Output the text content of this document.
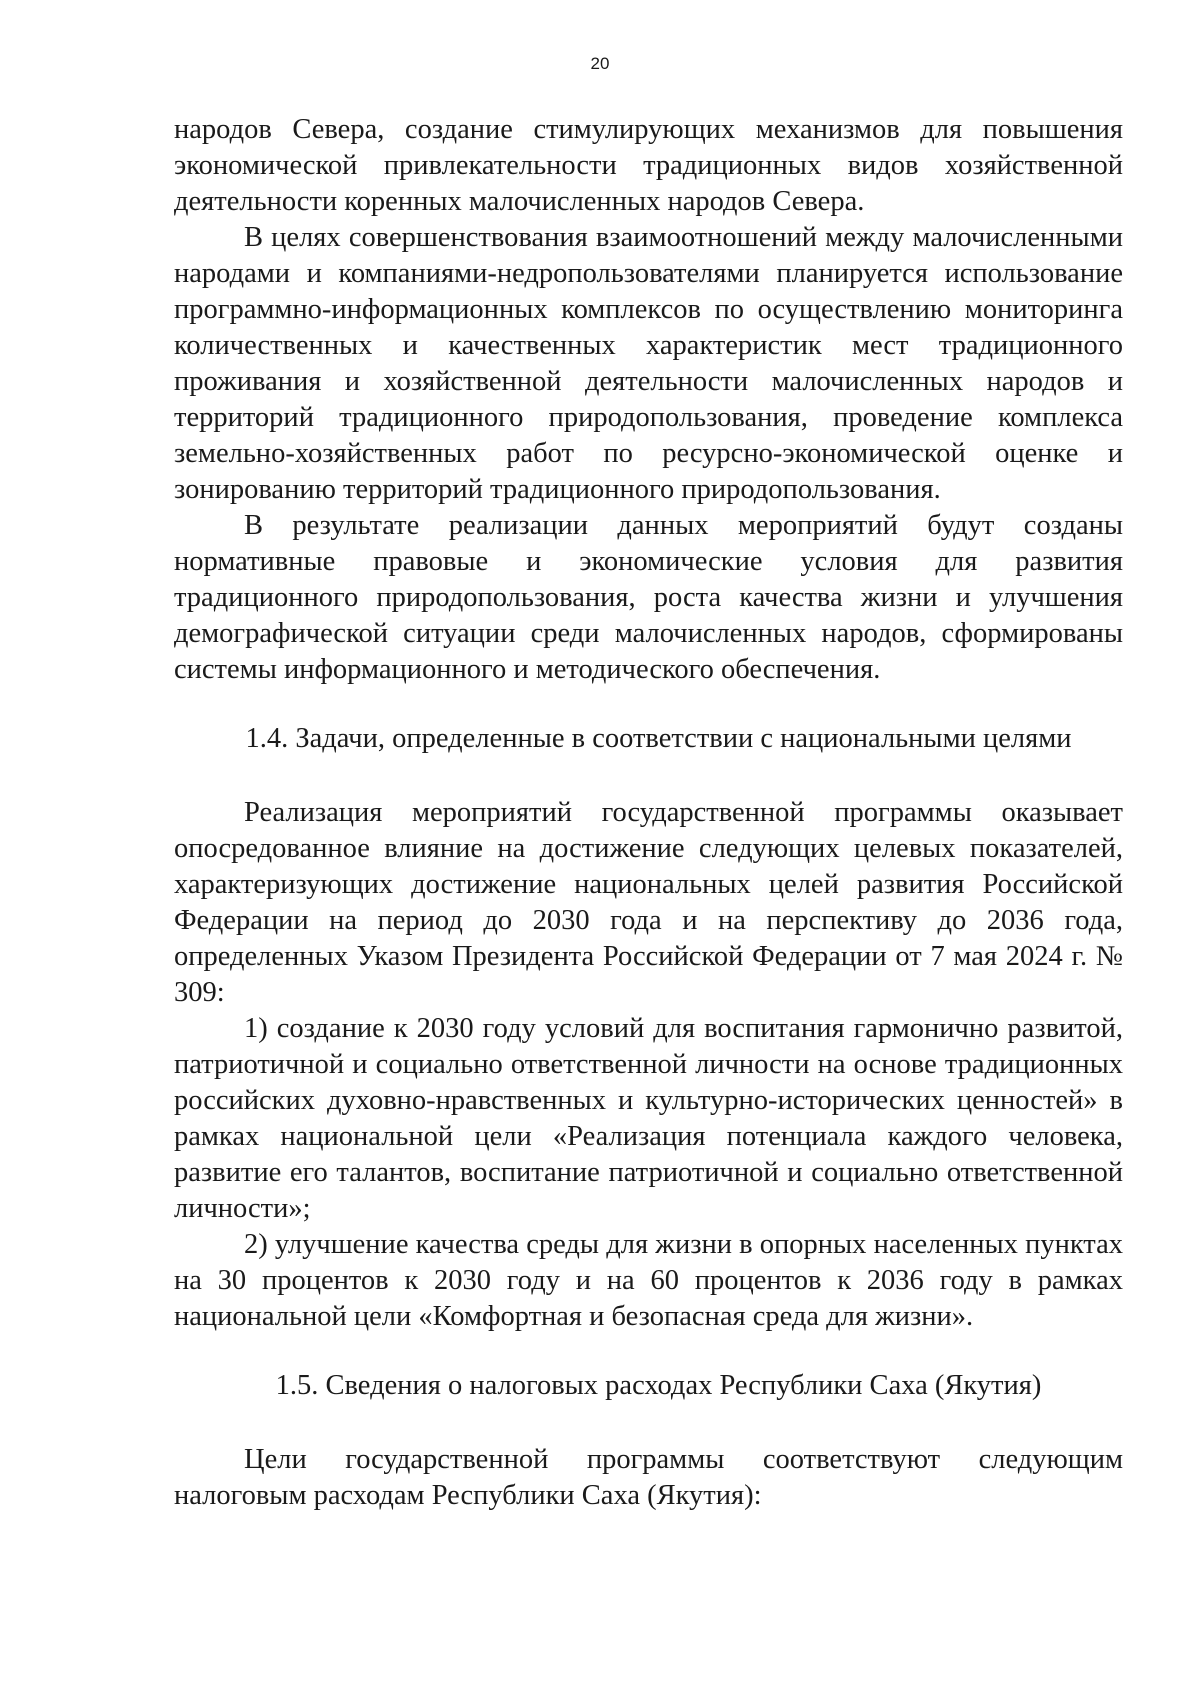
20

народов Севера, создание стимулирующих механизмов для повышения экономической привлекательности традиционных видов хозяйственной деятельности коренных малочисленных народов Севера.

В целях совершенствования взаимоотношений между малочисленными народами и компаниями-недропользователями планируется использование программно-информационных комплексов по осуществлению мониторинга количественных и качественных характеристик мест традиционного проживания и хозяйственной деятельности малочисленных народов и территорий традиционного природопользования, проведение комплекса земельно-хозяйственных работ по ресурсно-экономической оценке и зонированию территорий традиционного природопользования.

В результате реализации данных мероприятий будут созданы нормативные правовые и экономические условия для развития традиционного природопользования, роста качества жизни и улучшения демографической ситуации среди малочисленных народов, сформированы системы информационного и методического обеспечения.

1.4. Задачи, определенные в соответствии с национальными целями

Реализация мероприятий государственной программы оказывает опосредованное влияние на достижение следующих целевых показателей, характеризующих достижение национальных целей развития Российской Федерации на период до 2030 года и на перспективу до 2036 года, определенных Указом Президента Российской Федерации от 7 мая 2024 г. № 309:

1) создание к 2030 году условий для воспитания гармонично развитой, патриотичной и социально ответственной личности на основе традиционных российских духовно-нравственных и культурно-исторических ценностей» в рамках национальной цели «Реализация потенциала каждого человека, развитие его талантов, воспитание патриотичной и социально ответственной личности»;

2) улучшение качества среды для жизни в опорных населенных пунктах на 30 процентов к 2030 году и на 60 процентов к 2036 году в рамках национальной цели «Комфортная и безопасная среда для жизни».

1.5. Сведения о налоговых расходах Республики Саха (Якутия)

Цели государственной программы соответствуют следующим налоговым расходам Республики Саха (Якутия):
